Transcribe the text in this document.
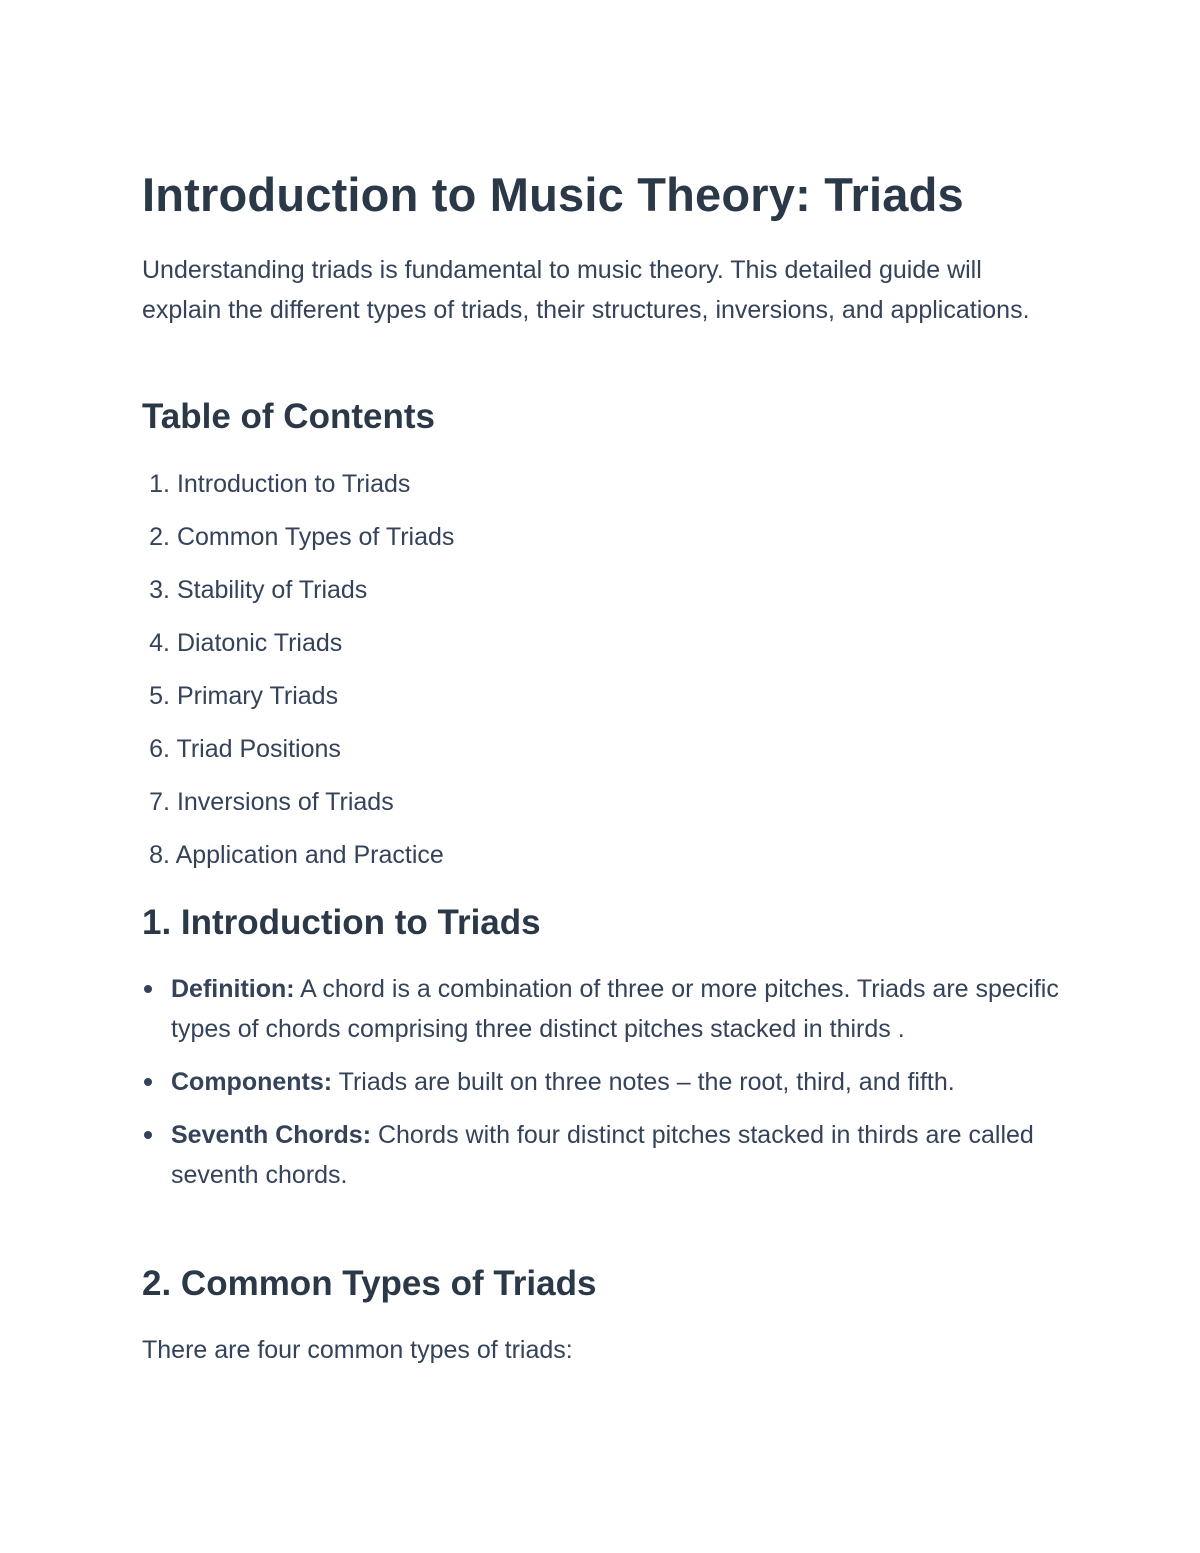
Introduction to Music Theory: Triads

Understanding triads is fundamental to music theory. This detailed guide will explain the different types of triads, their structures, inversions, and applications.

Table of Contents
1. Introduction to Triads
2. Common Types of Triads
3. Stability of Triads
4. Diatonic Triads
5. Primary Triads
6. Triad Positions
7. Inversions of Triads
8. Application and Practice
1. Introduction to Triads
Definition: A chord is a combination of three or more pitches. Triads are specific types of chords comprising three distinct pitches stacked in thirds .
Components: Triads are built on three notes – the root, third, and fifth.
Seventh Chords: Chords with four distinct pitches stacked in thirds are called seventh chords.
2. Common Types of Triads

There are four common types of triads:
